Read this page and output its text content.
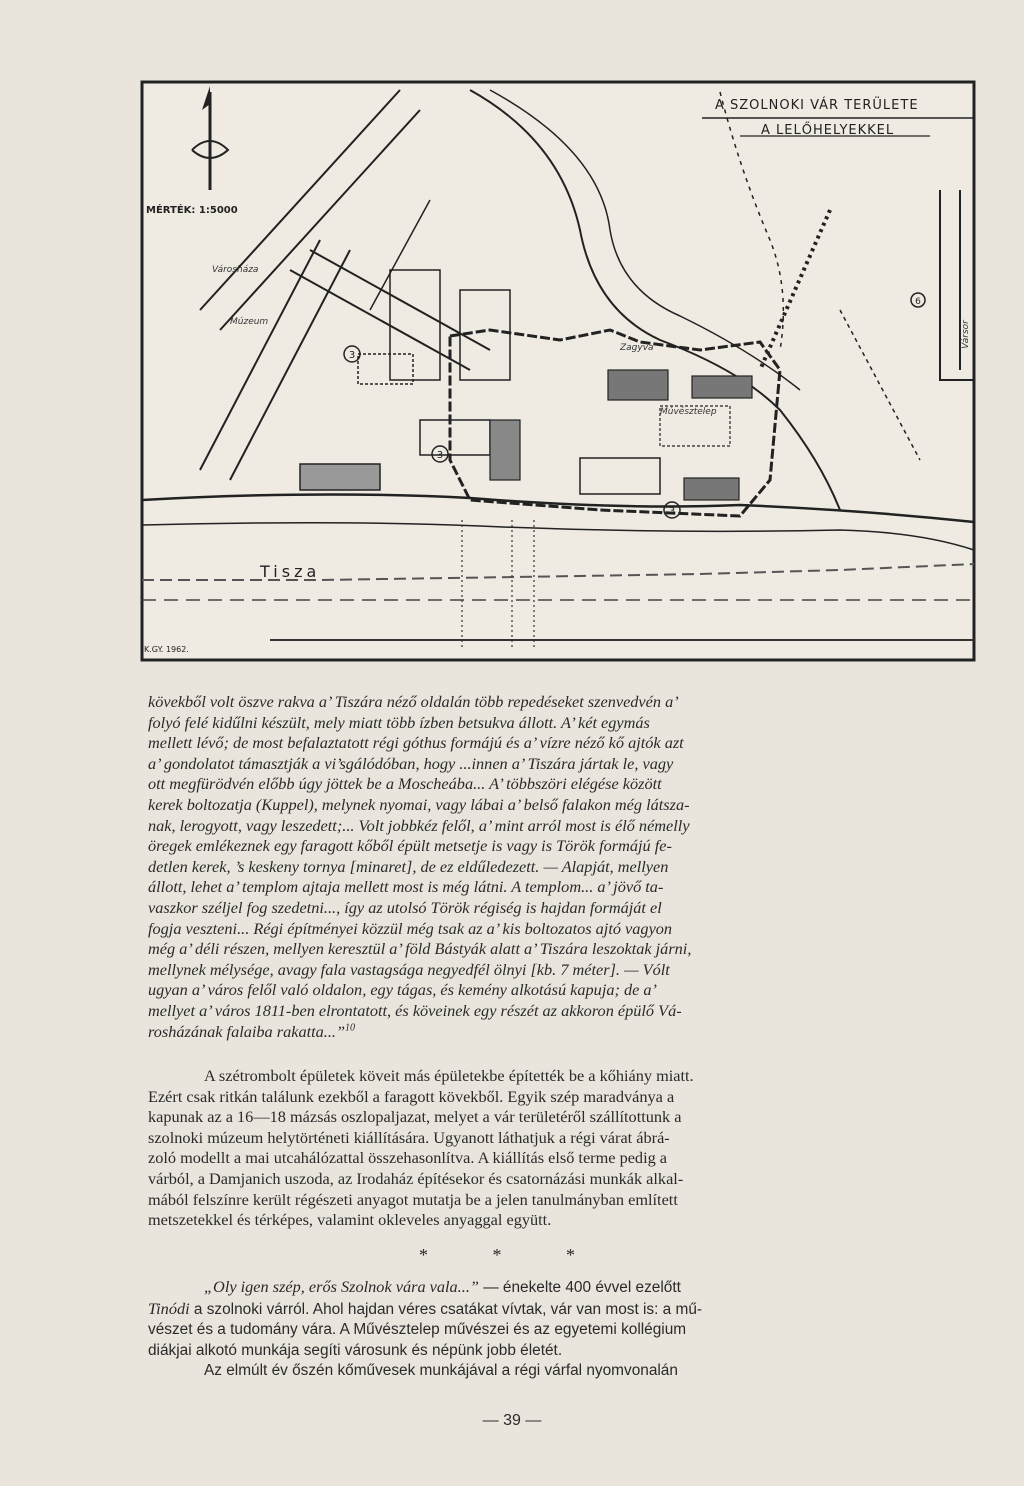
3
3
3
6
A SZOLNOKI VÁR TERÜLETE
A LELŐHELYEKKEL
MÉRTÉK: 1:5000
Tisza
K.GY. 1962.
Városháza
Múzeum
Múvésztelep
Zagyva	Vársor

kövekből volt öszve rakva a’ Tiszára néző oldalán több repedéseket szenvedvén a’

folyó felé kidűlni készült, mely miatt több ízben betsukva állott. A’ két egymás

mellett lévő; de most befalaztatott régi góthus formájú és a’ vízre néző kő ajtók azt

a’ gondolatot támasztják a vi’sgálódóban, hogy ...innen a’ Tiszára jártak le, vagy

ott megfürödvén előbb úgy jöttek be a Moscheába... A’ többszöri elégése között

kerek boltozatja (Kuppel), melynek nyomai, vagy lábai a’ belső falakon még látsza-

nak, lerogyott, vagy leszedett;... Volt jobbkéz felől, a’ mint arról most is élő némelly

öregek emlékeznek egy faragott kőből épült metsetje is vagy is Török formájú fe-

detlen kerek, ’s keskeny tornya [minaret], de ez eldűledezett. — Alapját, mellyen

állott, lehet a’ templom ajtaja mellett most is még látni. A templom... a’ jövő ta-

vaszkor széljel fog szedetni..., így az utolsó Török régiség is hajdan formáját el

fogja veszteni... Régi építményei közzül még tsak az a’ kis boltozatos ajtó vagyon

még a’ déli részen, mellyen keresztül a’ föld Bástyák alatt a’ Tiszára leszoktak járni,

mellynek mélysége, avagy fala vastagsága negyedfél ölnyi [kb. 7 méter]. — Vólt

ugyan a’ város felől való oldalon, egy tágas, és kemény alkotású kapuja; de a’

mellyet a’ város 1811-ben elrontatott, és köveinek egy részét az akkoron épülő Vá-

rosházának falaiba rakatta...”$^{10}$

A szétrombolt épületek köveit más épületekbe építették be a kőhiány miatt.

Ezért csak ritkán találunk ezekből a faragott kövekből. Egyik szép maradványa a
kapunak az a 16—18 mázsás oszlopaljazat, melyet a vár területéről szállítottunk a
szolnoki múzeum helytörténeti kiállítására. Ugyanott láthatjuk a régi várat ábrá-
zoló modellt a mai utcahálózattal összehasonlítva. A kiállítás első terme pedig a
várból, a Damjanich uszoda, az Irodaház építésekor és csatornázási munkák alkal-
mából felszínre került régészeti anyagot mutatja be a jelen tanulmányban említett
metszetekkel és térképes, valamint okleveles anyaggal együtt.
* * *

„Oly igen szép, erős Szolnok vára vala...” — énekelte 400 évvel ezelőtt

Tinódi a szolnoki várról. Ahol hajdan véres csatákat vívtak, vár van most is: a mű-
vészet és a tudomány vára. A Művésztelep művészei és az egyetemi kollégium
diákjai alkotó munkája segíti városunk és népünk jobb életét.

Az elmúlt év őszén kőművesek munkájával a régi várfal nyomvonalán

— 39 —
